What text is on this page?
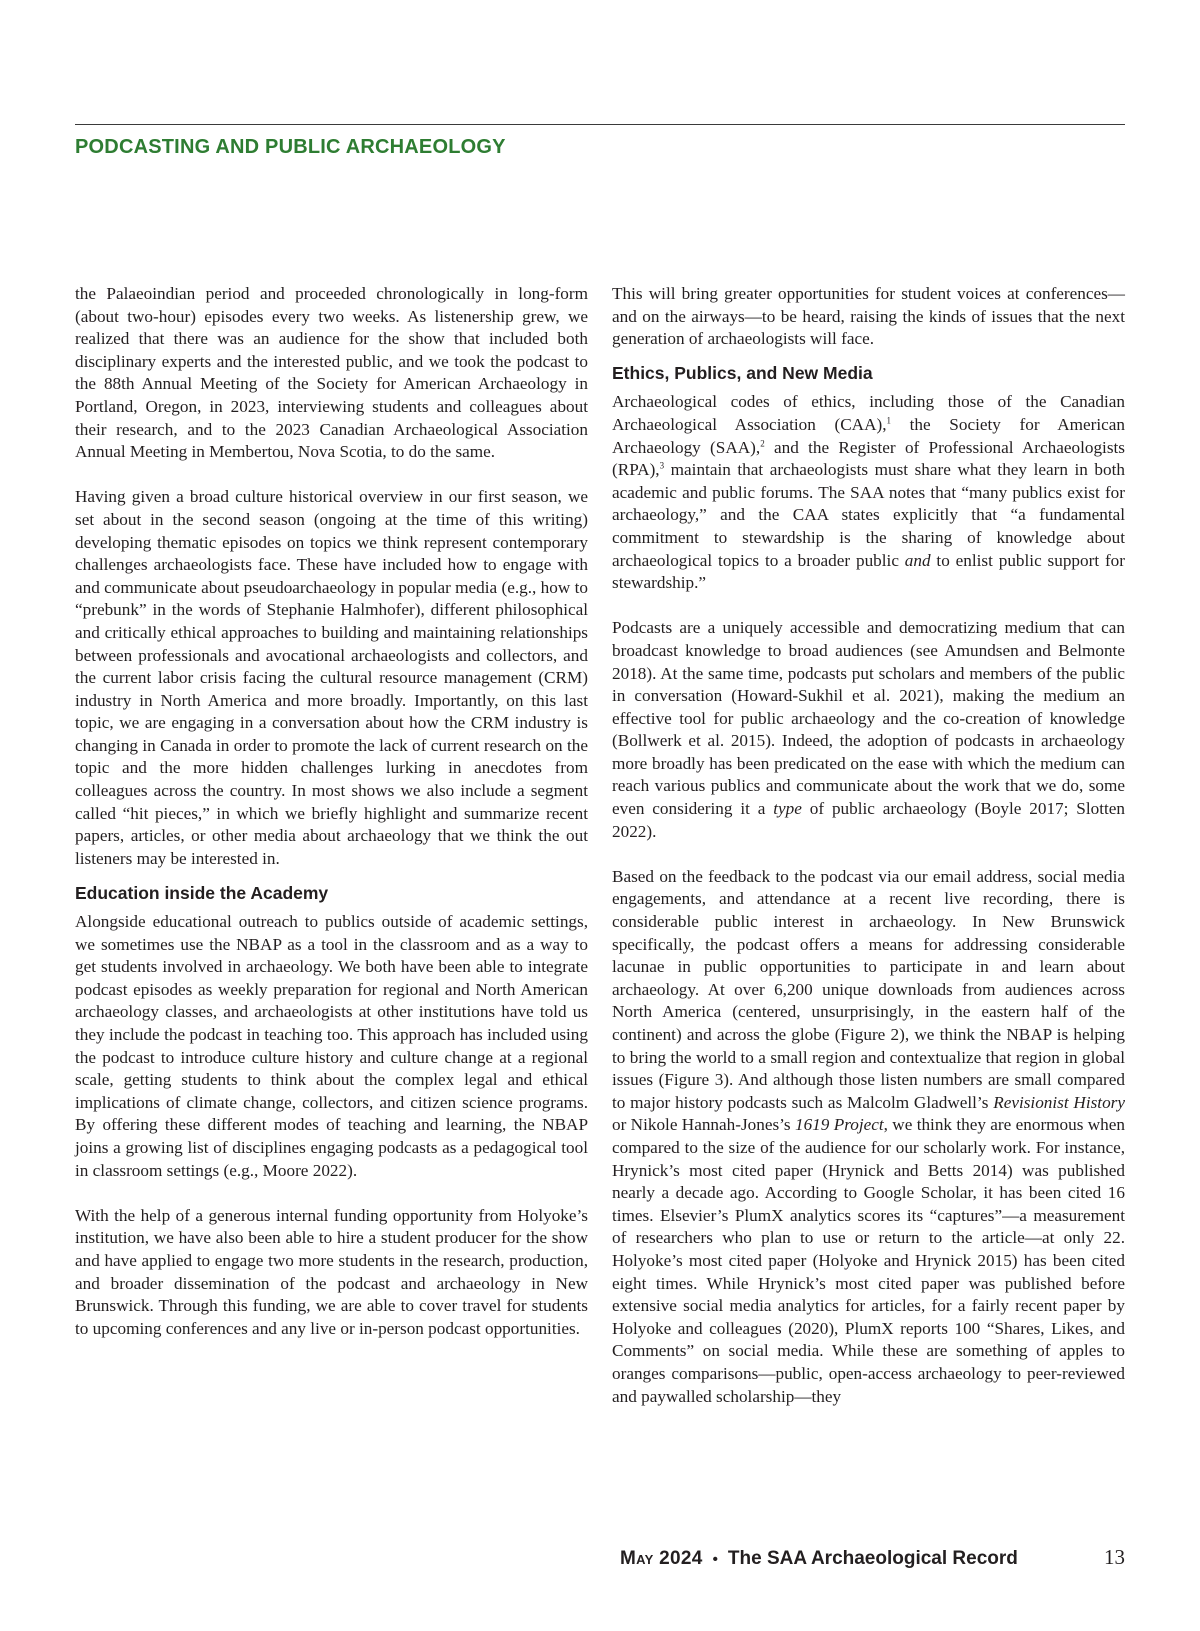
PODCASTING AND PUBLIC ARCHAEOLOGY

the Palaeoindian period and proceeded chronologically in long-form (about two-hour) episodes every two weeks. As listenership grew, we realized that there was an audience for the show that included both disciplinary experts and the interested public, and we took the podcast to the 88th Annual Meeting of the Society for American Archaeology in Portland, Oregon, in 2023, interviewing students and colleagues about their research, and to the 2023 Canadian Archaeological Association Annual Meeting in Membertou, Nova Scotia, to do the same.

Having given a broad culture historical overview in our first season, we set about in the second season (ongoing at the time of this writing) developing thematic episodes on topics we think represent contemporary challenges archaeologists face. These have included how to engage with and communicate about pseudoarchaeology in popular media (e.g., how to “prebunk” in the words of Stephanie Halmhofer), different philosophical and critically ethical approaches to building and maintaining relationships between professionals and avocational archaeologists and collectors, and the current labor crisis facing the cultural resource management (CRM) industry in North America and more broadly. Importantly, on this last topic, we are engaging in a conversation about how the CRM industry is changing in Canada in order to promote the lack of current research on the topic and the more hidden challenges lurking in anecdotes from colleagues across the country. In most shows we also include a segment called “hit pieces,” in which we briefly highlight and summarize recent papers, articles, or other media about archaeology that we think the out listeners may be interested in.

Education inside the Academy

Alongside educational outreach to publics outside of academic settings, we sometimes use the NBAP as a tool in the classroom and as a way to get students involved in archaeology. We both have been able to integrate podcast episodes as weekly preparation for regional and North American archaeology classes, and archaeologists at other institutions have told us they include the podcast in teaching too. This approach has included using the podcast to introduce culture history and culture change at a regional scale, getting students to think about the complex legal and ethical implications of climate change, collectors, and citizen science programs. By offering these different modes of teaching and learning, the NBAP joins a growing list of disciplines engaging podcasts as a pedagogical tool in classroom settings (e.g., Moore 2022).

With the help of a generous internal funding opportunity from Holyoke’s institution, we have also been able to hire a student producer for the show and have applied to engage two more students in the research, production, and broader dissemination of the podcast and archaeology in New Brunswick. Through this funding, we are able to cover travel for students to upcoming conferences and any live or in-person podcast opportunities.

This will bring greater opportunities for student voices at conferences—and on the airways—to be heard, raising the kinds of issues that the next generation of archaeologists will face.

Ethics, Publics, and New Media

Archaeological codes of ethics, including those of the Canadian Archaeological Association (CAA),$^1$ the Society for American Archaeology (SAA),$^2$ and the Register of Professional Archaeologists (RPA),$^3$ maintain that archaeologists must share what they learn in both academic and public forums. The SAA notes that “many publics exist for archaeology,” and the CAA states explicitly that “a fundamental commitment to stewardship is the sharing of knowledge about archaeological topics to a broader public and to enlist public support for stewardship.”

Podcasts are a uniquely accessible and democratizing medium that can broadcast knowledge to broad audiences (see Amundsen and Belmonte 2018). At the same time, podcasts put scholars and members of the public in conversation (Howard-Sukhil et al. 2021), making the medium an effective tool for public archaeology and the co-creation of knowledge (Bollwerk et al. 2015). Indeed, the adoption of podcasts in archaeology more broadly has been predicated on the ease with which the medium can reach various publics and communicate about the work that we do, some even considering it a type of public archaeology (Boyle 2017; Slotten 2022).

Based on the feedback to the podcast via our email address, social media engagements, and attendance at a recent live recording, there is considerable public interest in archaeology. In New Brunswick specifically, the podcast offers a means for addressing considerable lacunae in public opportunities to participate in and learn about archaeology. At over 6,200 unique downloads from audiences across North America (centered, unsurprisingly, in the eastern half of the continent) and across the globe (Figure 2), we think the NBAP is helping to bring the world to a small region and contextualize that region in global issues (Figure 3). And although those listen numbers are small compared to major history podcasts such as Malcolm Gladwell’s Revisionist History or Nikole Hannah-Jones’s 1619 Project, we think they are enormous when compared to the size of the audience for our scholarly work. For instance, Hrynick’s most cited paper (Hrynick and Betts 2014) was published nearly a decade ago. According to Google Scholar, it has been cited 16 times. Elsevier’s PlumX analytics scores its “captures”—a measurement of researchers who plan to use or return to the article—at only 22. Holyoke’s most cited paper (Holyoke and Hrynick 2015) has been cited eight times. While Hrynick’s most cited paper was published before extensive social media analytics for articles, for a fairly recent paper by Holyoke and colleagues (2020), PlumX reports 100 “Shares, Likes, and Comments” on social media. While these are something of apples to oranges comparisons—public, open-access archaeology to peer-reviewed and paywalled scholarship—they

May 2024 • The SAA Archaeological Record	13
